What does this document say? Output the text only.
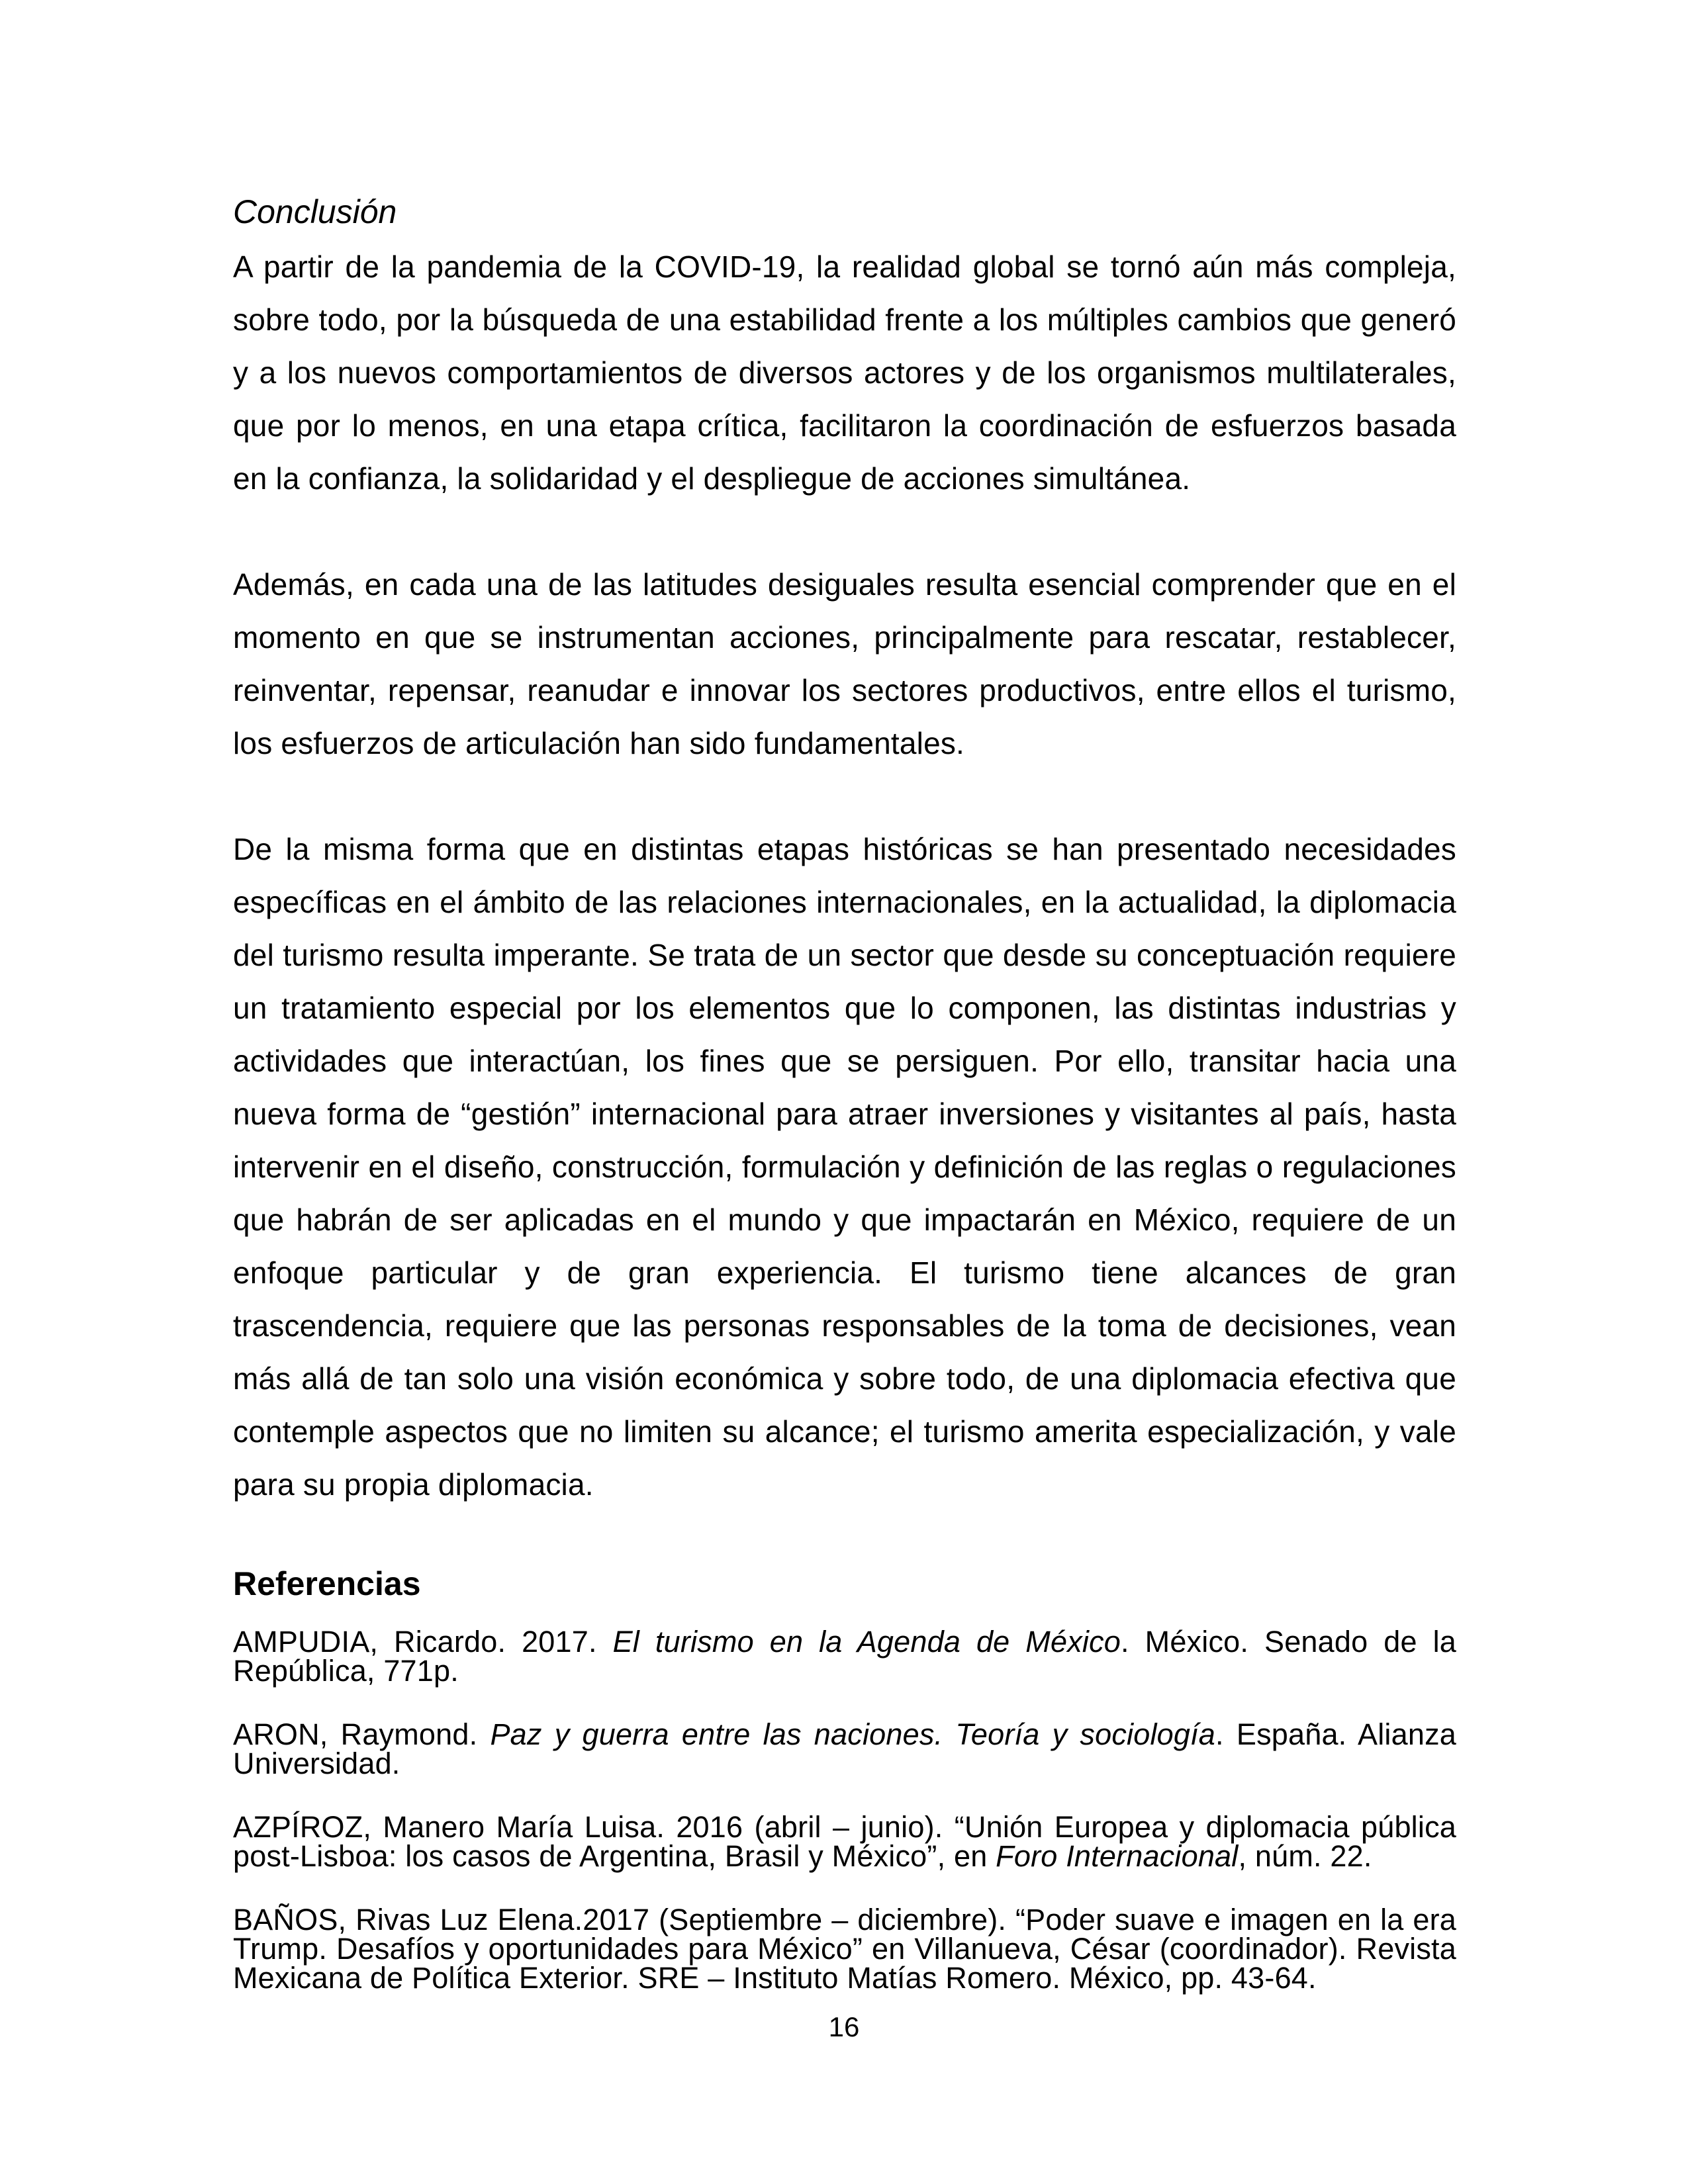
Conclusión

A partir de la pandemia de la COVID-19, la realidad global se tornó aún más compleja, sobre todo, por la búsqueda de una estabilidad frente a los múltiples cambios que generó y a los nuevos comportamientos de diversos actores y de los organismos multilaterales, que por lo menos, en una etapa crítica, facilitaron la coordinación de esfuerzos basada en la confianza, la solidaridad y el despliegue de acciones simultánea.

Además, en cada una de las latitudes desiguales resulta esencial comprender que en el momento en que se instrumentan acciones, principalmente para rescatar, restablecer, reinventar, repensar, reanudar e innovar los sectores productivos, entre ellos el turismo, los esfuerzos de articulación han sido fundamentales.

De la misma forma que en distintas etapas históricas se han presentado necesidades específicas en el ámbito de las relaciones internacionales, en la actualidad, la diplomacia del turismo resulta imperante. Se trata de un sector que desde su conceptuación requiere un tratamiento especial por los elementos que lo componen, las distintas industrias y actividades que interactúan, los fines que se persiguen. Por ello, transitar hacia una nueva forma de “gestión” internacional para atraer inversiones y visitantes al país, hasta intervenir en el diseño, construcción, formulación y definición de las reglas o regulaciones que habrán de ser aplicadas en el mundo y que impactarán en México, requiere de un enfoque particular y de gran experiencia. El turismo tiene alcances de gran trascendencia, requiere que las personas responsables de la toma de decisiones, vean más allá de tan solo una visión económica y sobre todo, de una diplomacia efectiva que contemple aspectos que no limiten su alcance; el turismo amerita especialización, y vale para su propia diplomacia.

Referencias

AMPUDIA, Ricardo. 2017. El turismo en la Agenda de México. México. Senado de la República, 771p.

ARON, Raymond. Paz y guerra entre las naciones. Teoría y sociología. España. Alianza Universidad.

AZPÍROZ, Manero María Luisa. 2016 (abril – junio). “Unión Europea y diplomacia pública post-Lisboa: los casos de Argentina, Brasil y México”, en Foro Internacional, núm. 22.

BAÑOS, Rivas Luz Elena.2017 (Septiembre – diciembre). “Poder suave e imagen en la era Trump. Desafíos y oportunidades para México” en Villanueva, César (coordinador). Revista Mexicana de Política Exterior. SRE – Instituto Matías Romero. México, pp. 43-64.

16
